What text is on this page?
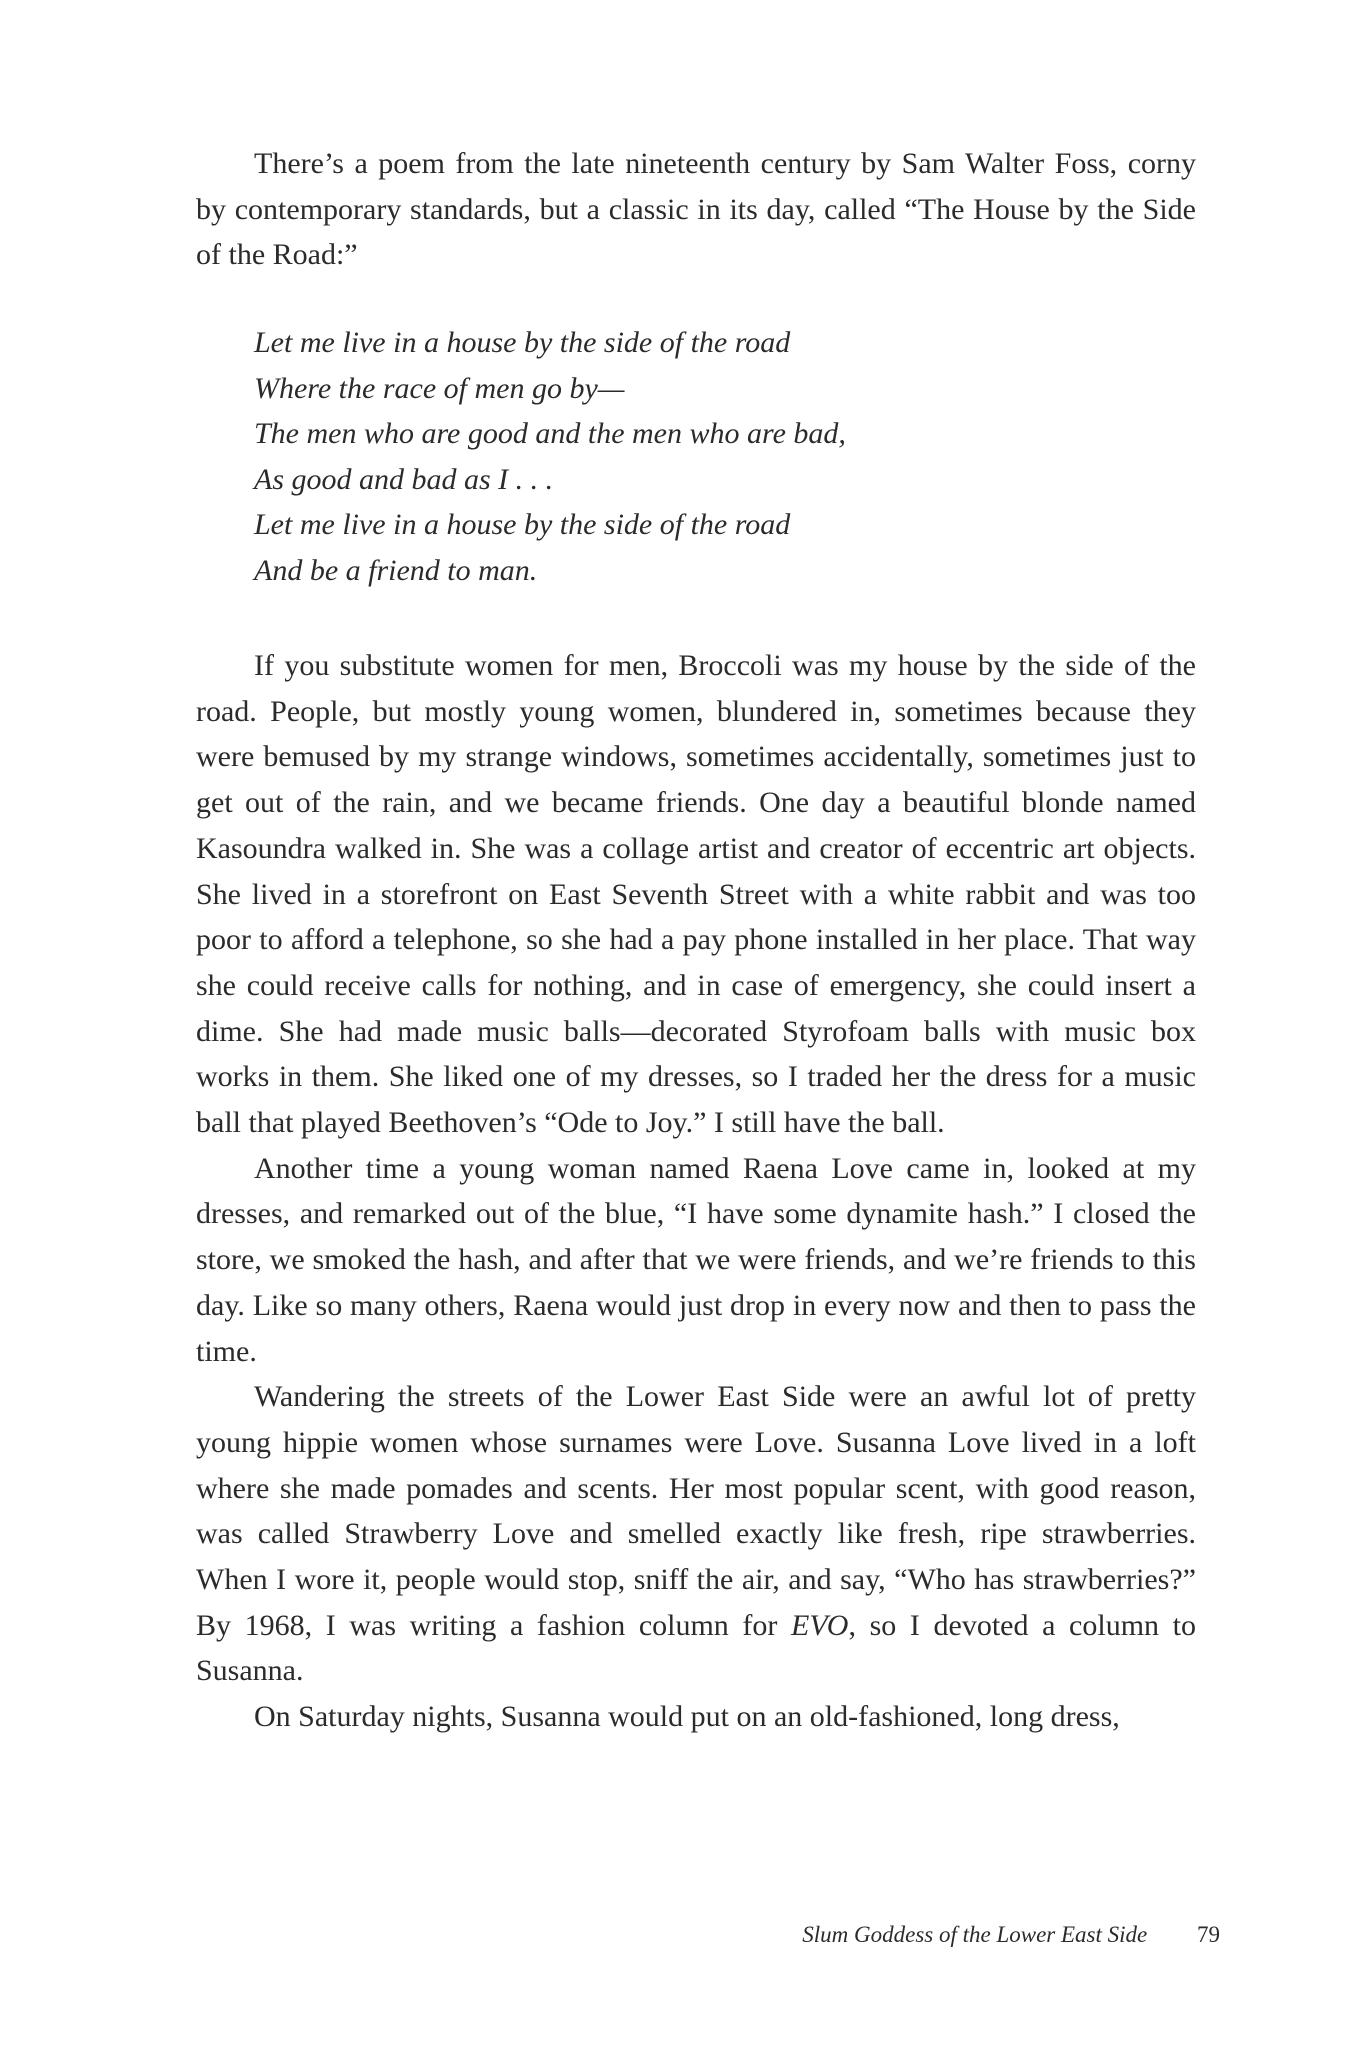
There’s a poem from the late nineteenth century by Sam Walter Foss, corny by contemporary standards, but a classic in its day, called “The House by the Side of the Road:”

Let me live in a house by the side of the road
Where the race of men go by—
The men who are good and the men who are bad,
As good and bad as I . . .
Let me live in a house by the side of the road
And be a friend to man.

If you substitute women for men, Broccoli was my house by the side of the road. People, but mostly young women, blundered in, sometimes because they were bemused by my strange windows, sometimes accidentally, sometimes just to get out of the rain, and we became friends. One day a beautiful blonde named Kasoundra walked in. She was a collage artist and creator of eccentric art objects. She lived in a storefront on East Seventh Street with a white rabbit and was too poor to afford a telephone, so she had a pay phone installed in her place. That way she could receive calls for nothing, and in case of emergency, she could insert a dime. She had made music balls—decorated Styrofoam balls with music box works in them. She liked one of my dresses, so I traded her the dress for a music ball that played Beethoven’s “Ode to Joy.” I still have the ball.

Another time a young woman named Raena Love came in, looked at my dresses, and remarked out of the blue, “I have some dynamite hash.” I closed the store, we smoked the hash, and after that we were friends, and we’re friends to this day. Like so many others, Raena would just drop in every now and then to pass the time.

Wandering the streets of the Lower East Side were an awful lot of pretty young hippie women whose surnames were Love. Susanna Love lived in a loft where she made pomades and scents. Her most popular scent, with good reason, was called Strawberry Love and smelled exactly like fresh, ripe strawberries. When I wore it, people would stop, sniff the air, and say, “Who has strawberries?” By 1968, I was writing a fashion column for EVO, so I devoted a column to Susanna.

On Saturday nights, Susanna would put on an old-fashioned, long dress,

Slum Goddess of the Lower East Side 79
